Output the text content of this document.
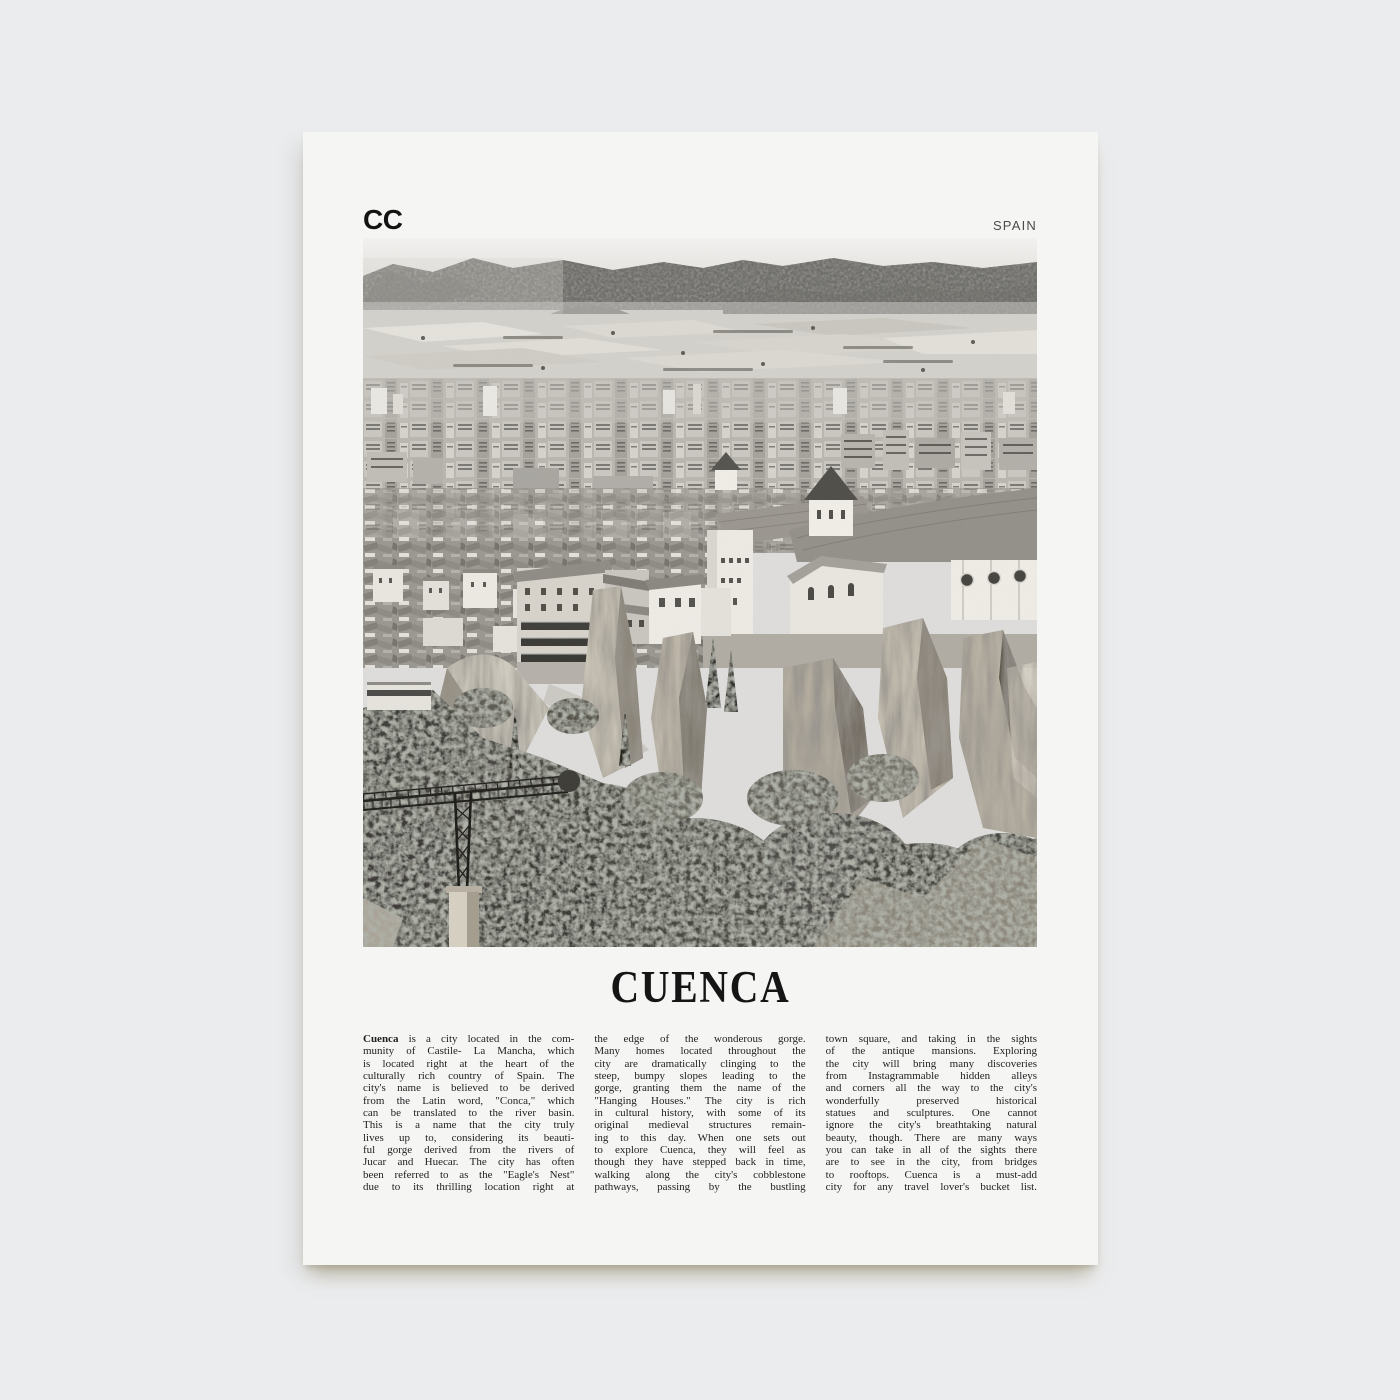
CC	SPAIN
CUENCA
Cuenca is a city located in the com-
munity of Castile- La Mancha, which
is located right at the heart of the
culturally rich country of Spain. The
city's name is believed to be derived
from the Latin word, "Conca," which
can be translated to the river basin.
This is a name that the city truly
lives up to, considering its beauti-
ful gorge derived from the rivers of
Jucar and Huecar. The city has often
been referred to as the "Eagle's Nest"
due to its thrilling location right at
the edge of the wonderous gorge.
Many homes located throughout the
city are dramatically clinging to the
steep, bumpy slopes leading to the
gorge, granting them the name of the
"Hanging Houses." The city is rich
in cultural history, with some of its
original medieval structures remain-
ing to this day. When one sets out
to explore Cuenca, they will feel as
though they have stepped back in time,
walking along the city's cobblestone
pathways, passing by the bustling
town square, and taking in the sights
of the antique mansions. Exploring
the city will bring many discoveries
from Instagrammable hidden alleys
and corners all the way to the city's
wonderfully preserved historical
statues and sculptures. One cannot
ignore the city's breathtaking natural
beauty, though. There are many ways
you can take in all of the sights there
are to see in the city, from bridges
to rooftops. Cuenca is a must-add
city for any travel lover's bucket list.
